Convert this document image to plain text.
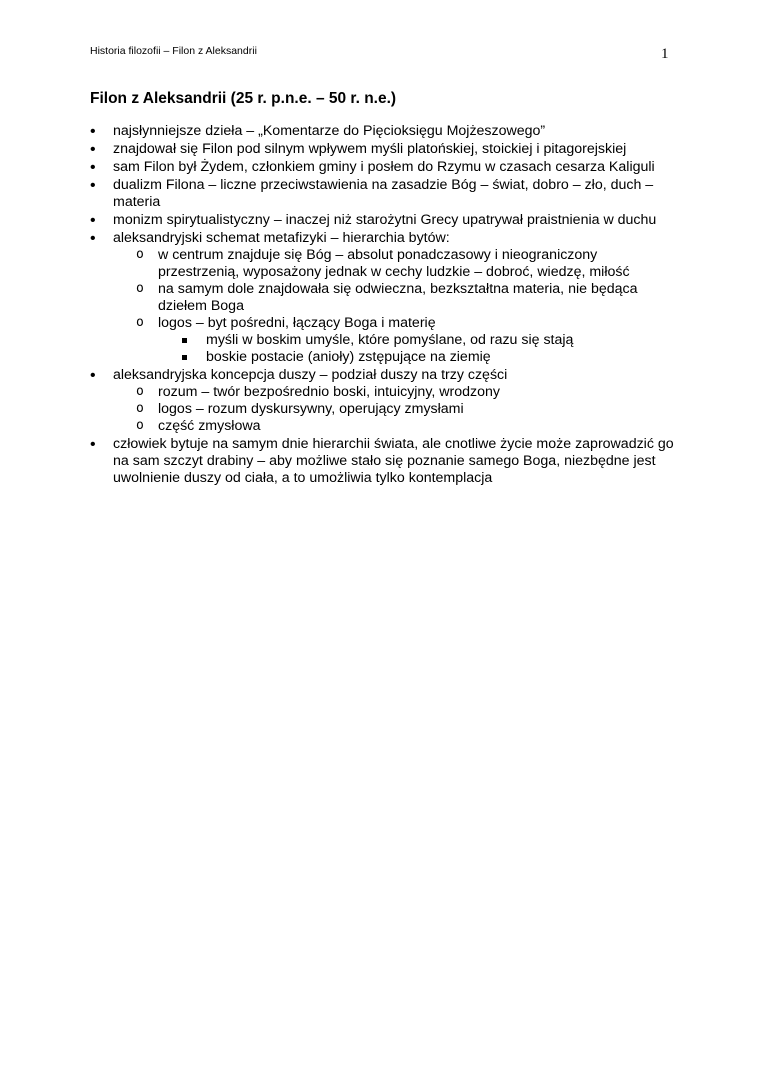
Historia filozofii – Filon z Aleksandrii	1
Filon z Aleksandrii (25 r. p.n.e. – 50 r. n.e.)
• najsłynniejsze dzieła – „Komentarze do Pięcioksięgu Mojżeszowego”
• znajdował się Filon pod silnym wpływem myśli platońskiej, stoickiej i pitagorejskiej
• sam Filon był Żydem, członkiem gminy i posłem do Rzymu w czasach cesarza Kaliguli
• dualizm Filona – liczne przeciwstawienia na zasadzie Bóg – świat, dobro – zło, duch – materia
• monizm spirytualistyczny – inaczej niż starożytni Grecy upatrywał praistnienia w duchu
• aleksandryjski schemat metafizyki – hierarchia bytów:
o w centrum znajduje się Bóg – absolut ponadczasowy i nieograniczony przestrzenią, wyposażony jednak w cechy ludzkie – dobroć, wiedzę, miłość
o na samym dole znajdowała się odwieczna, bezkształtna materia, nie będąca dziełem Boga
o logos – byt pośredni, łączący Boga i materię
myśli w boskim umyśle, które pomyślane, od razu się stają
boskie postacie (anioły) zstępujące na ziemię
• aleksandryjska koncepcja duszy – podział duszy na trzy części
o rozum – twór bezpośrednio boski, intuicyjny, wrodzony
o logos – rozum dyskursywny, operujący zmysłami
o część zmysłowa
• człowiek bytuje na samym dnie hierarchii świata, ale cnotliwe życie może zaprowadzić go na sam szczyt drabiny – aby możliwe stało się poznanie samego Boga, niezbędne jest uwolnienie duszy od ciała, a to umożliwia tylko kontemplacja
